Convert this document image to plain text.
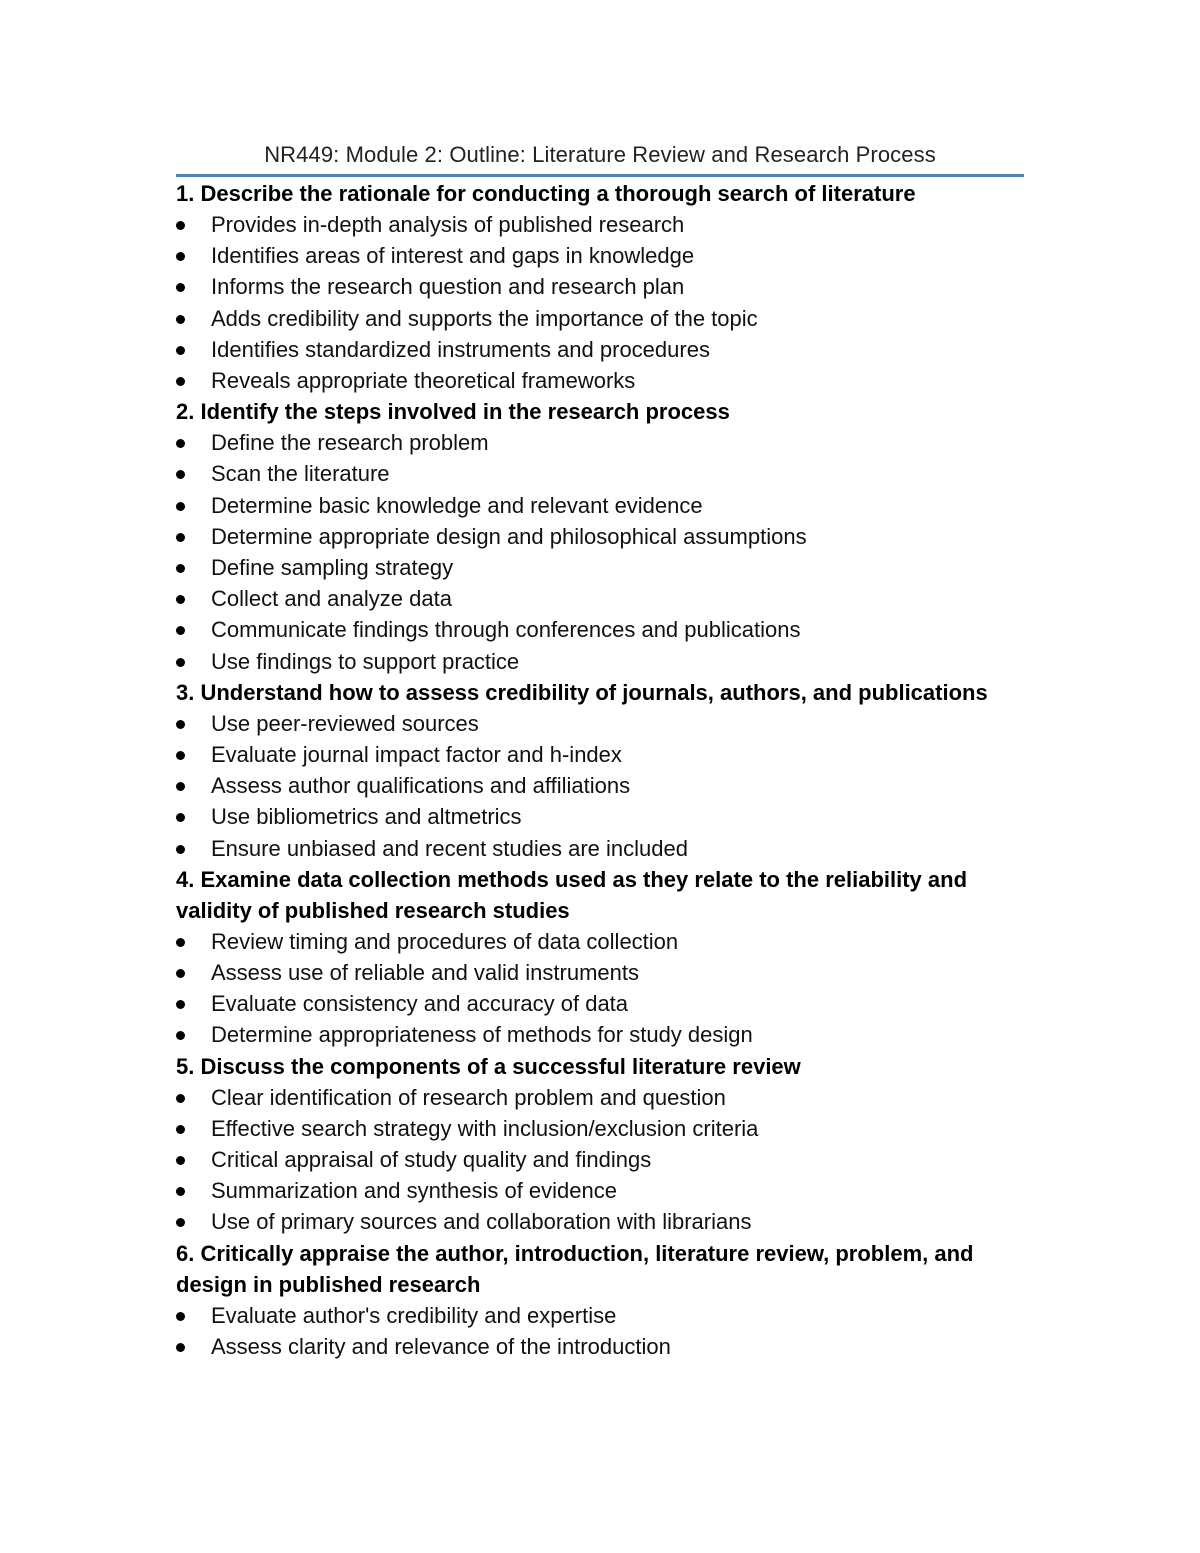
NR449: Module 2: Outline: Literature Review and Research Process
1. Describe the rationale for conducting a thorough search of literature
Provides in-depth analysis of published research
Identifies areas of interest and gaps in knowledge
Informs the research question and research plan
Adds credibility and supports the importance of the topic
Identifies standardized instruments and procedures
Reveals appropriate theoretical frameworks
2. Identify the steps involved in the research process
Define the research problem
Scan the literature
Determine basic knowledge and relevant evidence
Determine appropriate design and philosophical assumptions
Define sampling strategy
Collect and analyze data
Communicate findings through conferences and publications
Use findings to support practice
3. Understand how to assess credibility of journals, authors, and publications
Use peer-reviewed sources
Evaluate journal impact factor and h-index
Assess author qualifications and affiliations
Use bibliometrics and altmetrics
Ensure unbiased and recent studies are included
4. Examine data collection methods used as they relate to the reliability and validity of published research studies
Review timing and procedures of data collection
Assess use of reliable and valid instruments
Evaluate consistency and accuracy of data
Determine appropriateness of methods for study design
5. Discuss the components of a successful literature review
Clear identification of research problem and question
Effective search strategy with inclusion/exclusion criteria
Critical appraisal of study quality and findings
Summarization and synthesis of evidence
Use of primary sources and collaboration with librarians
6. Critically appraise the author, introduction, literature review, problem, and design in published research
Evaluate author's credibility and expertise
Assess clarity and relevance of the introduction
